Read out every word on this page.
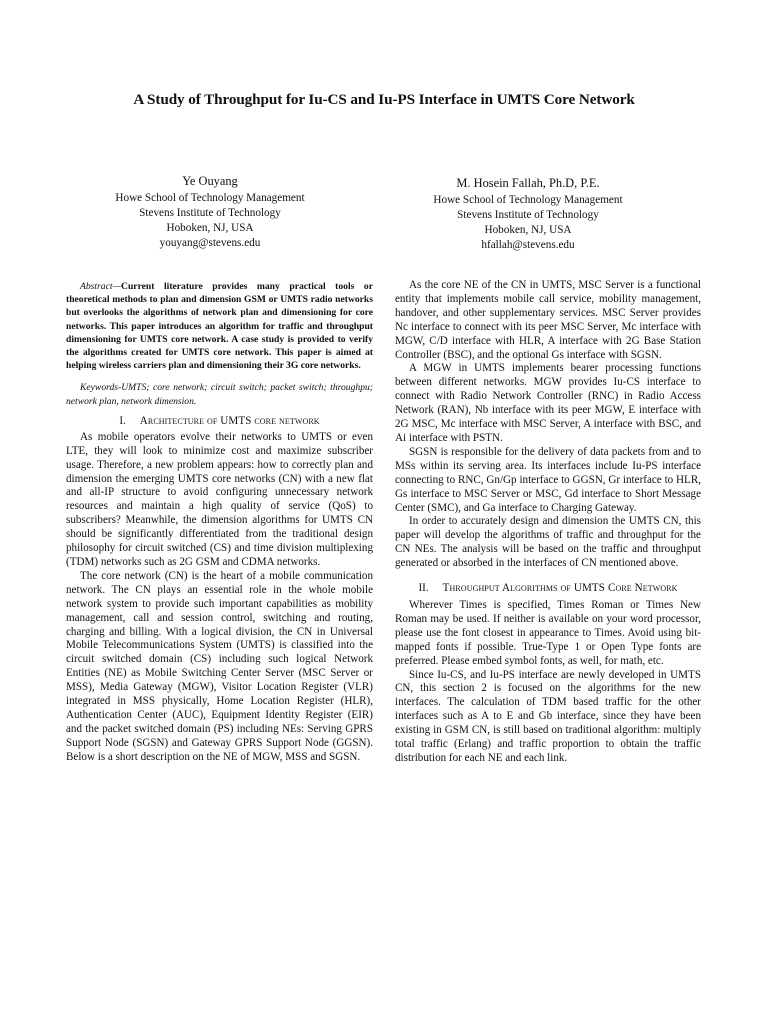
A Study of Throughput for Iu-CS and Iu-PS Interface in UMTS Core Network
Ye Ouyang
Howe School of Technology Management
Stevens Institute of Technology
Hoboken, NJ, USA
youyang@stevens.edu
M. Hosein Fallah, Ph.D, P.E.
Howe School of Technology Management
Stevens Institute of Technology
Hoboken, NJ, USA
hfallah@stevens.edu

Abstract—Current literature provides many practical tools or theoretical methods to plan and dimension GSM or UMTS radio networks but overlooks the algorithms of network plan and dimensioning for core networks. This paper introduces an algorithm for traffic and throughput dimensioning for UMTS core network. A case study is provided to verify the algorithms created for UMTS core network. This paper is aimed at helping wireless carriers plan and dimensioning their 3G core networks.

Keywords-UMTS; core network; circuit switch; packet switch; throughpu; network plan, network dimension.

I. Architecture of UMTS core network

As mobile operators evolve their networks to UMTS or even LTE, they will look to minimize cost and maximize subscriber usage. Therefore, a new problem appears: how to correctly plan and dimension the emerging UMTS core networks (CN) with a new flat and all-IP structure to avoid configuring unnecessary network resources and maintain a high quality of service (QoS) to subscribers? Meanwhile, the dimension algorithms for UMTS CN should be significantly differentiated from the traditional design philosophy for circuit switched (CS) and time division multiplexing (TDM) networks such as 2G GSM and CDMA networks.

The core network (CN) is the heart of a mobile communication network. The CN plays an essential role in the whole mobile network system to provide such important capabilities as mobility management, call and session control, switching and routing, charging and billing. With a logical division, the CN in Universal Mobile Telecommunications System (UMTS) is classified into the circuit switched domain (CS) including such logical Network Entities (NE) as Mobile Switching Center Server (MSC Server or MSS), Media Gateway (MGW), Visitor Location Register (VLR) integrated in MSS physically, Home Location Register (HLR), Authentication Center (AUC), Equipment Identity Register (EIR) and the packet switched domain (PS) including NEs: Serving GPRS Support Node (SGSN) and Gateway GPRS Support Node (GGSN). Below is a short description on the NE of MGW, MSS and SGSN.

As the core NE of the CN in UMTS, MSC Server is a functional entity that implements mobile call service, mobility management, handover, and other supplementary services. MSC Server provides Nc interface to connect with its peer MSC Server, Mc interface with MGW, C/D interface with HLR, A interface with 2G Base Station Controller (BSC), and the optional Gs interface with SGSN.

A MGW in UMTS implements bearer processing functions between different networks. MGW provides Iu-CS interface to connect with Radio Network Controller (RNC) in Radio Access Network (RAN), Nb interface with its peer MGW, E interface with 2G MSC, Mc interface with MSC Server, A interface with BSC, and Ai interface with PSTN.

SGSN is responsible for the delivery of data packets from and to MSs within its serving area. Its interfaces include Iu-PS interface connecting to RNC, Gn/Gp interface to GGSN, Gr interface to HLR, Gs interface to MSC Server or MSC, Gd interface to Short Message Center (SMC), and Ga interface to Charging Gateway.

In order to accurately design and dimension the UMTS CN, this paper will develop the algorithms of traffic and throughput for the CN NEs. The analysis will be based on the traffic and throughput generated or absorbed in the interfaces of CN mentioned above.

II. Throughput Algorithms of UMTS Core Network

Wherever Times is specified, Times Roman or Times New Roman may be used. If neither is available on your word processor, please use the font closest in appearance to Times. Avoid using bit-mapped fonts if possible. True-Type 1 or Open Type fonts are preferred. Please embed symbol fonts, as well, for math, etc.

Since Iu-CS, and Iu-PS interface are newly developed in UMTS CN, this section 2 is focused on the algorithms for the new interfaces. The calculation of TDM based traffic for the other interfaces such as A to E and Gb interface, since they have been existing in GSM CN, is still based on traditional algorithm: multiply total traffic (Erlang) and traffic proportion to obtain the traffic distribution for each NE and each link.
